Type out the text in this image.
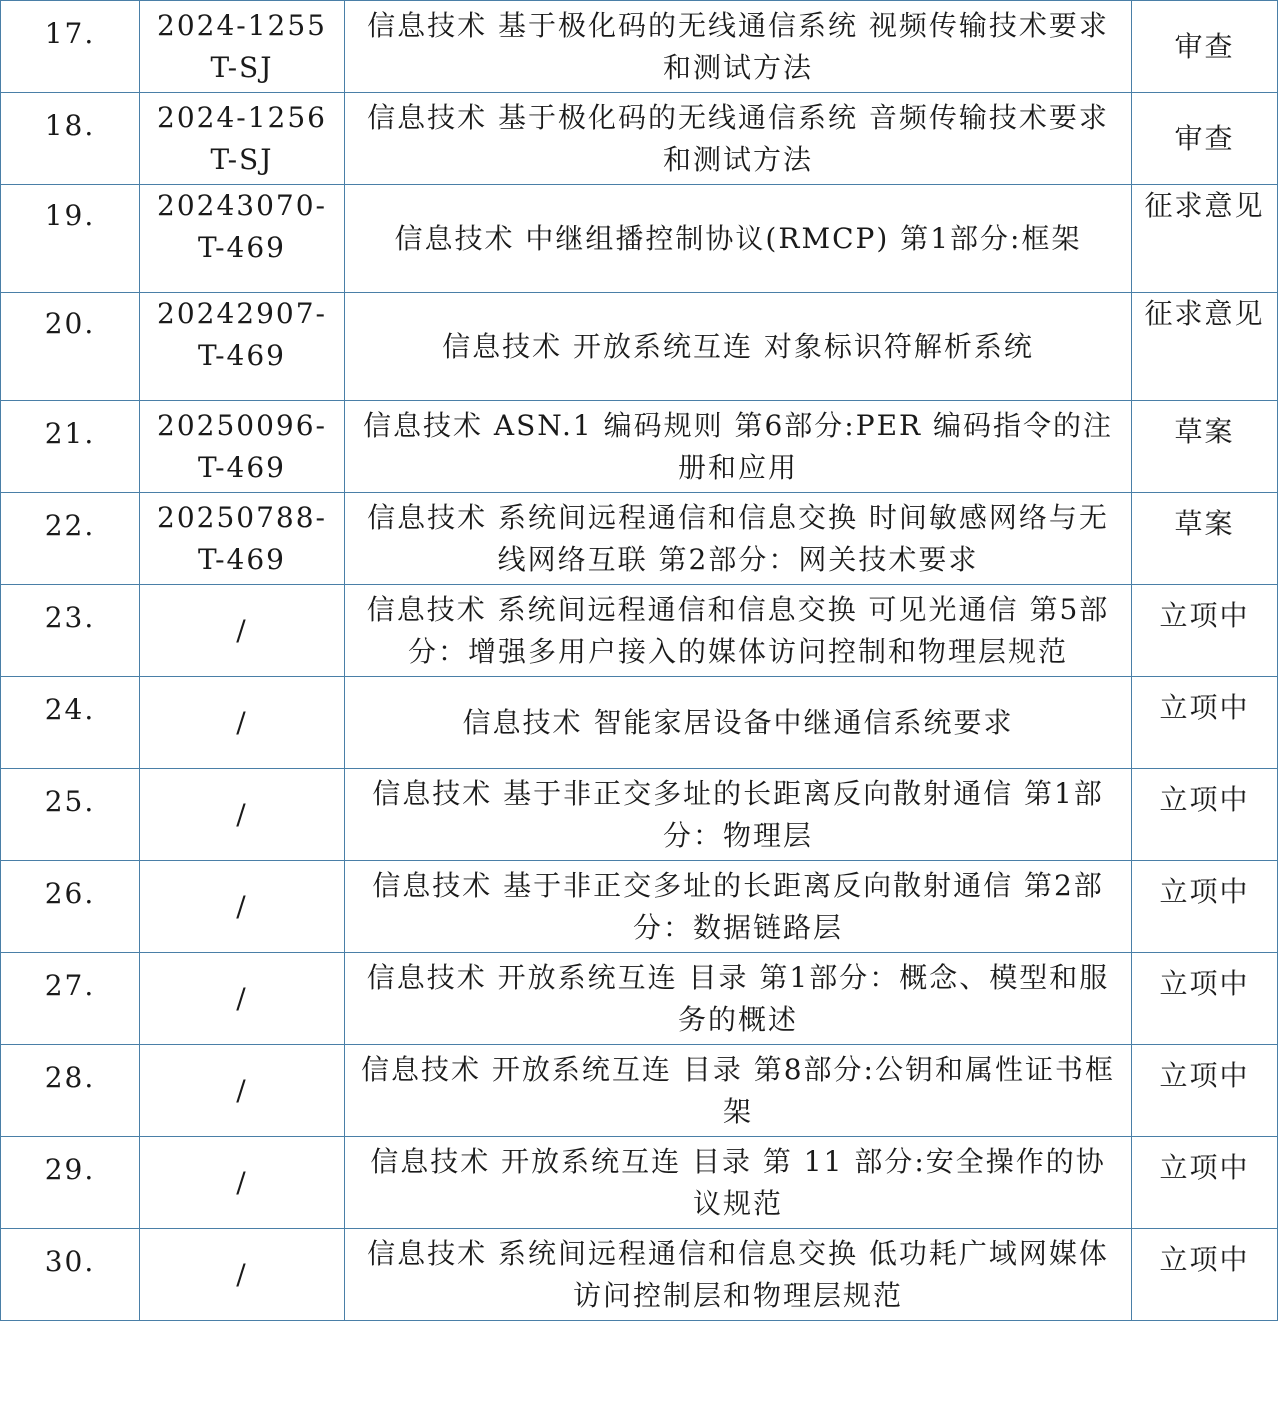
17.	2024-1255T-SJ	信息技术 基于极化码的无线通信系统 视频传输技术要求和测试方法	审查

18.	2024-1256T-SJ	信息技术 基于极化码的无线通信系统 音频传输技术要求和测试方法	审查

19.	20243070-T-469	信息技术 中继组播控制协议(RMCP) 第1部分:框架	征求意见

20.	20242907-T-469	信息技术 开放系统互连 对象标识符解析系统	征求意见

21.	20250096-T-469	信息技术 ASN.1 编码规则 第6部分:PER 编码指令的注册和应用	草案

22.	20250788-T-469	信息技术 系统间远程通信和信息交换 时间敏感网络与无线网络互联 第2部分：网关技术要求	草案

23.	/	信息技术 系统间远程通信和信息交换 可见光通信 第5部分：增强多用户接入的媒体访问控制和物理层规范	立项中

24.	/	信息技术 智能家居设备中继通信系统要求	立项中

25.	/	信息技术 基于非正交多址的长距离反向散射通信 第1部分：物理层	立项中

26.	/	信息技术 基于非正交多址的长距离反向散射通信 第2部分：数据链路层	立项中

27.	/	信息技术 开放系统互连 目录 第1部分：概念、模型和服务的概述	立项中

28.	/	信息技术 开放系统互连 目录 第8部分:公钥和属性证书框架	立项中

29.	/	信息技术 开放系统互连 目录 第 11 部分:安全操作的协议规范	立项中

30.	/	信息技术 系统间远程通信和信息交换 低功耗广域网媒体访问控制层和物理层规范	立项中
